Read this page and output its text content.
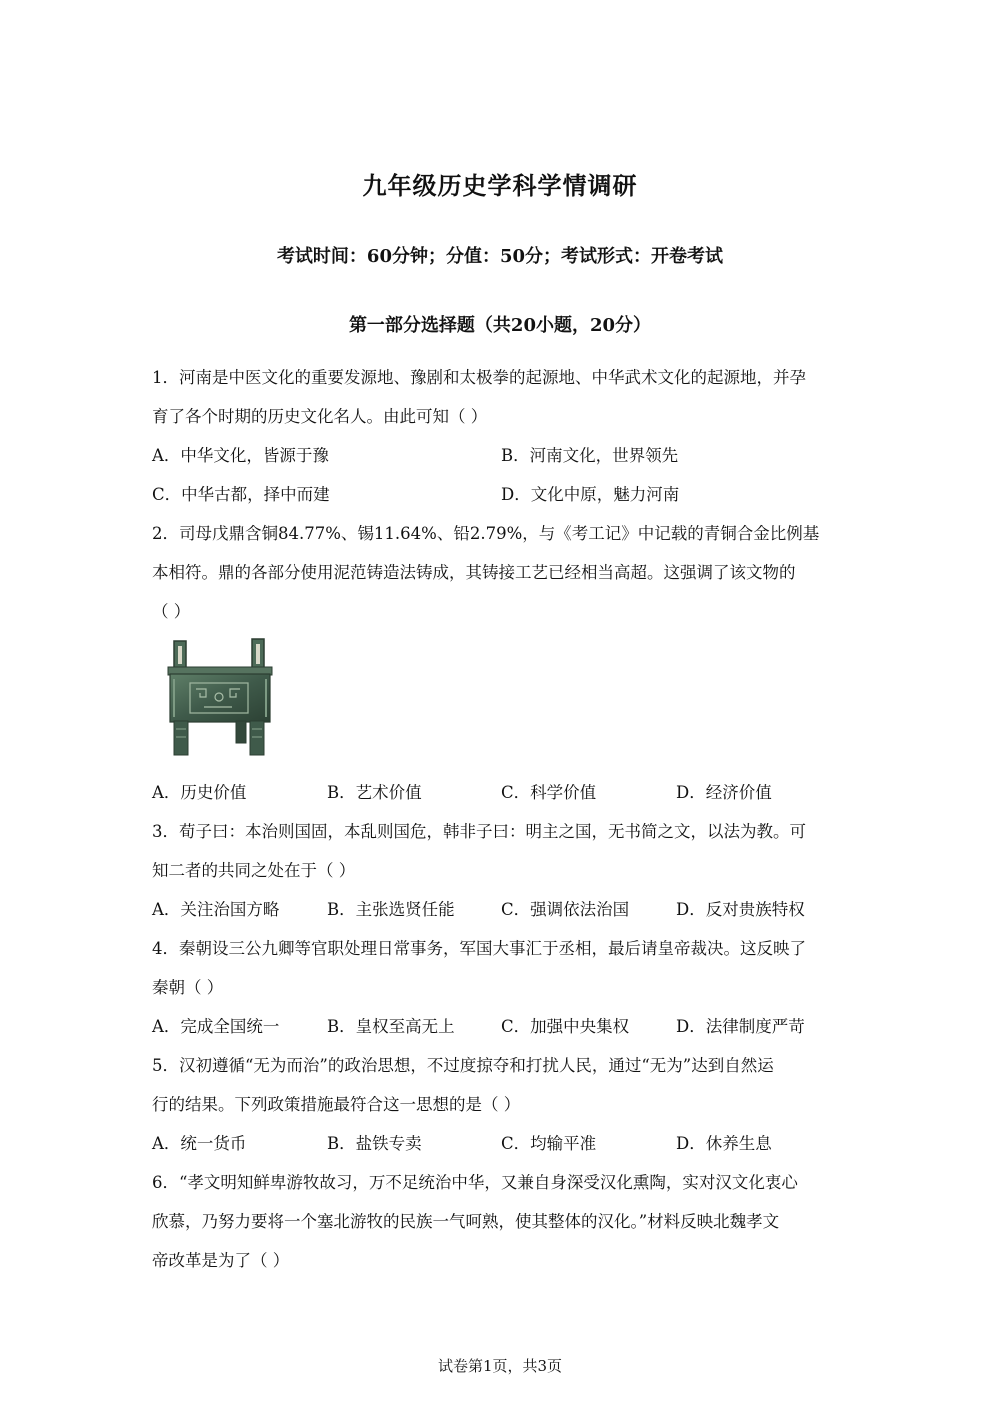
九年级历史学科学情调研
考试时间：60分钟；分值：50分；考试形式：开卷考试
第一部分选择题（共20小题，20分）
1．河南是中医文化的重要发源地、豫剧和太极拳的起源地、中华武术文化的起源地，并孕
育了各个时期的历史文化名人。由此可知（ ）
A．中华文化，皆源于豫	B．河南文化，世界领先
C．中华古都，择中而建	D．文化中原，魅力河南
2．司母戊鼎含铜84.77%、锡11.64%、铅2.79%，与《考工记》中记载的青铜合金比例基
本相符。鼎的各部分使用泥范铸造法铸成，其铸接工艺已经相当高超。这强调了该文物的
（ ）
A．历史价值	B．艺术价值	C．科学价值	D．经济价值
3．荀子曰：本治则国固，本乱则国危，韩非子曰：明主之国，无书简之文，以法为教。可
知二者的共同之处在于（ ）
A．关注治国方略	B．主张选贤任能	C．强调依法治国	D．反对贵族特权
4．秦朝设三公九卿等官职处理日常事务，军国大事汇于丞相，最后请皇帝裁决。这反映了
秦朝（ ）
A．完成全国统一	B．皇权至高无上	C．加强中央集权	D．法律制度严苛
5．汉初遵循“无为而治”的政治思想，不过度掠夺和打扰人民，通过“无为”达到自然运
行的结果。下列政策措施最符合这一思想的是（ ）
A．统一货币	B．盐铁专卖	C．均输平准	D．休养生息
6．“孝文明知鲜卑游牧故习，万不足统治中华，又兼自身深受汉化熏陶，实对汉文化衷心
欣慕，乃努力要将一个塞北游牧的民族一气呵熟，使其整体的汉化。”材料反映北魏孝文
帝改革是为了（ ）
试卷第1页，共3页
